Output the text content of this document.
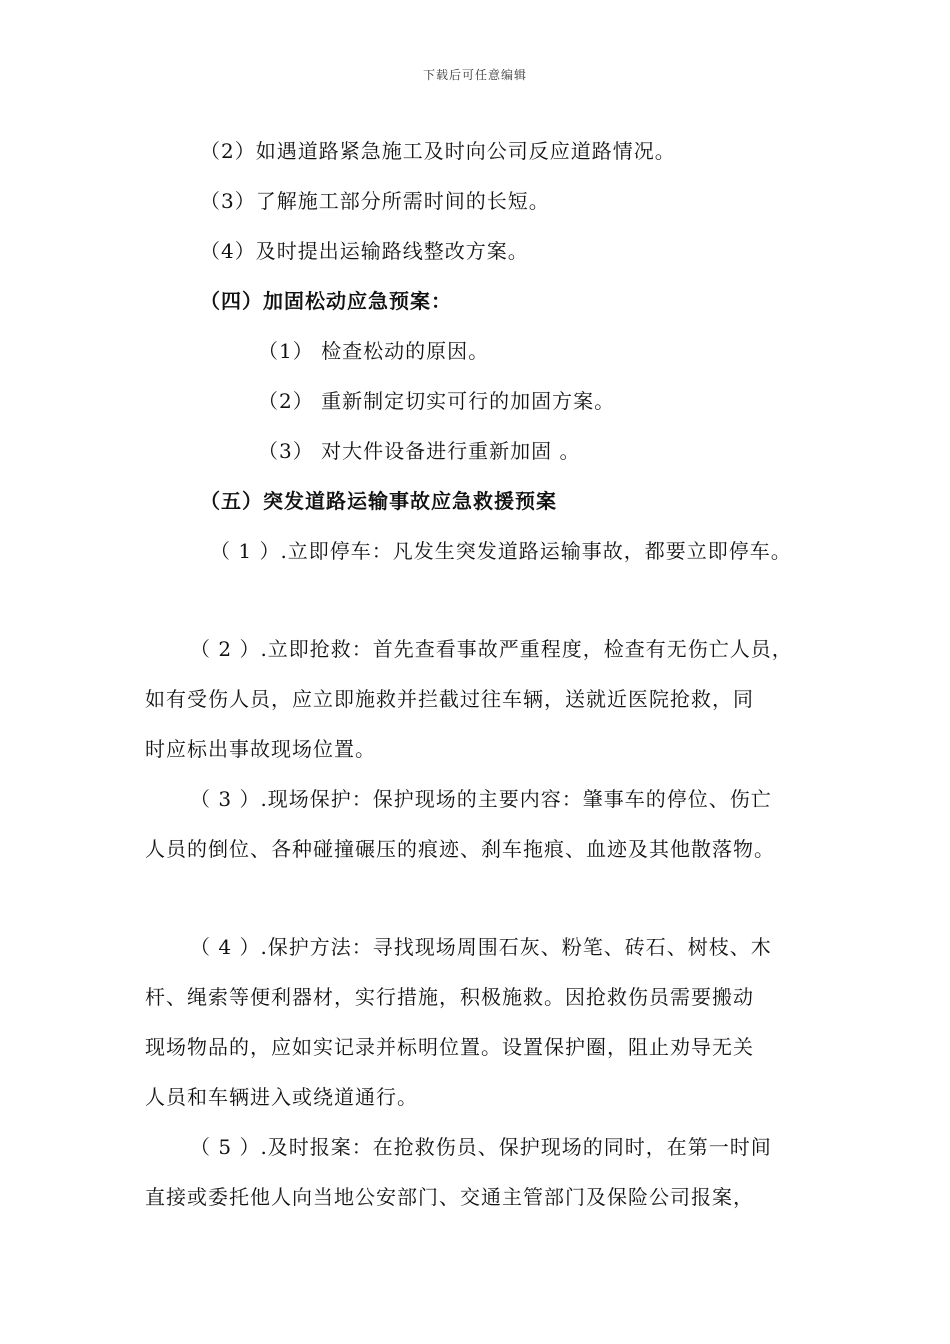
下载后可任意编辑
（2）如遇道路紧急施工及时向公司反应道路情况。
（3）了解施工部分所需时间的长短。
（4）及时提出运输路线整改方案。
（四）加固松动应急预案：
（1） 检查松动的原因。
（2） 重新制定切实可行的加固方案。
（3） 对大件设备进行重新加固 。
（五）突发道路运输事故应急救援预案
（ 1 ）.立即停车：凡发生突发道路运输事故，都要立即停车。
（ 2 ）.立即抢救：首先查看事故严重程度，检查有无伤亡人员，
如有受伤人员，应立即施救并拦截过往车辆，送就近医院抢救，同
时应标出事故现场位置。
（ 3 ）.现场保护：保护现场的主要内容：肇事车的停位、伤亡
人员的倒位、各种碰撞碾压的痕迹、刹车拖痕、血迹及其他散落物。
（ 4 ）.保护方法：寻找现场周围石灰、粉笔、砖石、树枝、木
杆、绳索等便利器材，实行措施，积极施救。因抢救伤员需要搬动
现场物品的，应如实记录并标明位置。设置保护圈，阻止劝导无关
人员和车辆进入或绕道通行。
（ 5 ）.及时报案：在抢救伤员、保护现场的同时，在第一时间
直接或委托他人向当地公安部门、交通主管部门及保险公司报案，
